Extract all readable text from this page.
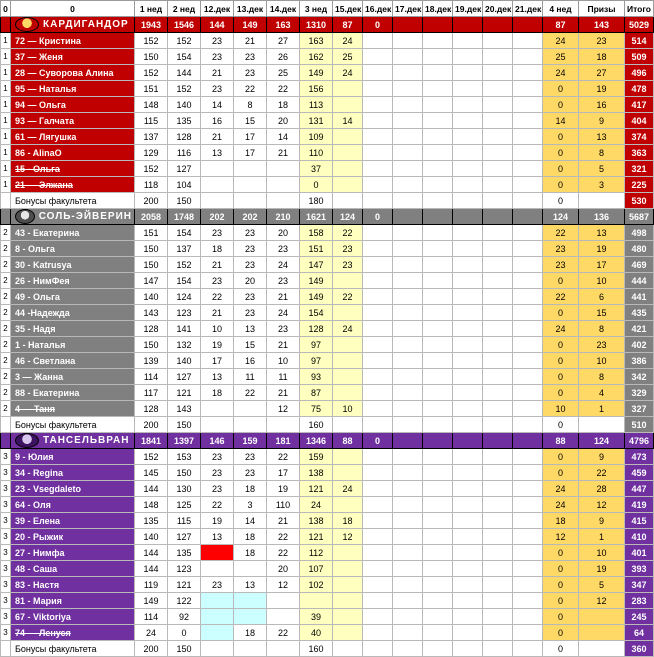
0	0	1 нед	2 нед	12.дек	13.дек	14.дек	3 нед	15.дек	16.дек	17.дек	18.дек	19.дек	20.дек	21.дек	4 нед	Призы	Итого

	КАРДИГАНДОР	1943	1546	144	149	163	1310	87	0						87	143	5029
1	72 — Кристина	152	152	23	21	27	163	24							24	23	514
1	37 — Женя	150	154	23	23	26	162	25							25	18	509
1	28 — Суворова Алина	152	144	21	23	25	149	24							24	27	496
1	95 — Наталья	151	152	23	22	22	156								0	19	478
1	94 — Ольга	148	140	14	8	18	113								0	16	417
1	93 — Галчата	115	135	16	15	20	131	14							14	9	404
1	61 — Лягушка	137	128	21	17	14	109								0	13	374
1	86 - AlinaO	129	116	13	17	21	110								0	8	363
1	15 - Ольга	152	127				37								0	5	321
1	21 — Элжана	118	104				0								0	3	225
	Бонусы факультета	200	150				180								0		530

	СОЛЬ-ЭЙВЕРИН	2058	1748	202	202	210	1621	124	0						124	136	5687
2	43 - Екатерина	151	154	23	23	20	158	22							22	13	498
2	8 - Ольга	150	137	18	23	23	151	23							23	19	480
2	30 - Katrusya	150	152	21	23	24	147	23							23	17	469
2	26 - НимФея	147	154	23	20	23	149								0	10	444
2	49 - Ольга	140	124	22	23	21	149	22							22	6	441
2	44 -Надежда	143	123	21	23	24	154								0	15	435
2	35 - Надя	128	141	10	13	23	128	24							24	8	421
2	1 - Наталья	150	132	19	15	21	97								0	23	402
2	46 - Светлана	139	140	17	16	10	97								0	10	386
2	3 — Жанна	114	127	13	11	11	93								0	8	342
2	88 - Екатерина	117	121	18	22	21	87								0	4	329
2	4 — Таня	128	143			12	75	10							10	1	327
	Бонусы факультета	200	150				160								0		510

	ТАНСЕЛЬВРАН	1841	1397	146	159	181	1346	88	0						88	124	4796
3	9 - Юлия	152	153	23	23	22	159								0	9	473
3	34 - Regina	145	150	23	23	17	138								0	22	459
3	23 - Vsegdaleto	144	130	23	18	19	121	24							24	28	447
3	64 - Оля	148	125	22	3	110	24								24	12	419
3	39 - Елена	135	115	19	14	21	138	18							18	9	415
3	20 - Рыжик	140	127	13	18	22	121	12							12	1	410
3	27 - Нимфа	144	135		18	22	112								0	10	401
3	48 - Саша	144	123			20	107								0	19	393
3	83 - Настя	119	121	23	13	12	102								0	5	347
3	81 - Мария	149	122												0	12	283
3	67 - Viktoriya	114	92				39								0		245
3	74 — Ленуся	24	0		18	22	40								0		64
	Бонусы факультета	200	150				160								0		360
